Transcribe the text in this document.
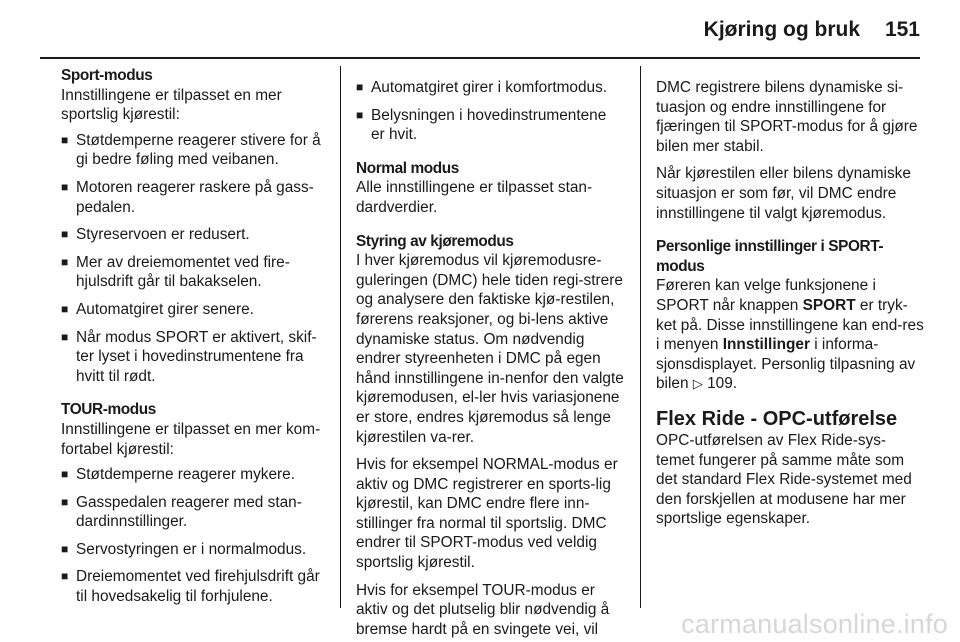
Kjøring og bruk 151
Sport-modus

Innstillingene er tilpasset en mer sportslig kjørestil:

■ Støtdemperne reagerer stivere for å gi bedre føling med veibanen.
■ Motoren reagerer raskere på gass-pedalen.
■ Styreservoen er redusert.
■ Mer av dreiemomentet ved fire-hjulsdrift går til bakakselen.
■ Automatgiret girer senere.
■ Når modus SPORT er aktivert, skif-ter lyset i hovedinstrumentene fra hvitt til rødt.
TOUR-modus

Innstillingene er tilpasset en mer kom-fortabel kjørestil:

■ Støtdemperne reagerer mykere.
■ Gasspedalen reagerer med stan-dardinnstillinger.
■ Servostyringen er i normalmodus.
■ Dreiemomentet ved firehjulsdrift går til hovedsakelig til forhjulene.
■ Automatgiret girer i komfortmodus.
■ Belysningen i hovedinstrumentene er hvit.
Normal modus

Alle innstillingene er tilpasset stan-dardverdier.

Styring av kjøremodus

I hver kjøremodus vil kjøremodusre-guleringen (DMC) hele tiden regi-strere og analysere den faktiske kjø-restilen, førerens reaksjoner, og bi-lens aktive dynamiske status. Om nødvendig endrer styreenheten i DMC på egen hånd innstillingene in-nenfor den valgte kjøremodusen, el-ler hvis variasjonene er store, endres kjøremodus så lenge kjørestilen va-rer.

Hvis for eksempel NORMAL-modus er aktiv og DMC registrerer en sports-lig kjørestil, kan DMC endre flere inn-stillinger fra normal til sportslig. DMC endrer til SPORT-modus ved veldig sportslig kjørestil.

Hvis for eksempel TOUR-modus er aktiv og det plutselig blir nødvendig å bremse hardt på en svingete vei, vil

DMC registrere bilens dynamiske si-tuasjon og endre innstillingene for fjæringen til SPORT-modus for å gjøre bilen mer stabil.

Når kjørestilen eller bilens dynamiske situasjon er som før, vil DMC endre innstillingene til valgt kjøremodus.

Personlige innstillinger i SPORT-modus

Føreren kan velge funksjonene i SPORT når knappen SPORT er tryk-ket på. Disse innstillingene kan end-res i menyen Innstillinger i informa-sjonsdisplayet. Personlig tilpasning av bilen ▷ 109.

Flex Ride - OPC-utførelse

OPC-utførelsen av Flex Ride-sys-temet fungerer på samme måte som det standard Flex Ride-systemet med den forskjellen at modusene har mer sportslige egenskaper.

carmanualsonline.info
